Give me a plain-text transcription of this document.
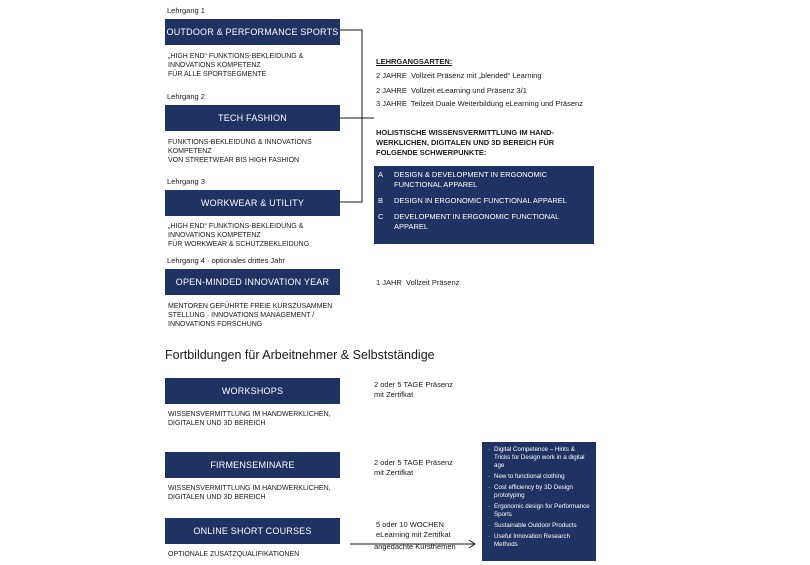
Lehrgang 1
OUTDOOR & PERFORMANCE SPORTS
„HIGH END“ FUNKTIONS-BEKLEIDUNG &
INNOVATIONS KOMPETENZ
FÜR ALLE SPORTSEGMENTE
Lehrgang 2
TECH FASHION
FUNKTIONS-BEKLEIDUNG & INNOVATIONS
KOMPETENZ
VON STREETWEAR BIS HIGH FASHION
Lehrgang 3
WORKWEAR & UTILITY
„HIGH END“ FUNKTIONS-BEKLEIDUNG &
INNOVATIONS KOMPETENZ
FÜR WORKWEAR & SCHUTZBEKLEIDUNG
Lehrgang 4 · optionales drittes Jahr
OPEN-MINDED INNOVATION YEAR
MENTOREN GEFÜHRTE FREIE KURSZUSAMMEN
STELLUNG · INNOVATIONS MANAGEMENT /
INNOVATIONS FORSCHUNG
LEHRGANGSARTEN:
2 JAHRE Vollzeit Präsenz mit „blended“ Learning
2 JAHRE Vollzeit eLearning und Präsenz 3/1
3 JAHRE Teilzeit Duale Weiterbildung eLearning und Präsenz
HOLISTISCHE WISSENSVERMITTLUNG IM HAND-
WERKLICHEN, DIGITALEN UND 3D BEREICH FÜR
FOLGENDE SCHWERPUNKTE:
A	DESIGN & DEVELOPMENT IN ERGONOMIC FUNCTIONAL APPAREL
B	DESIGN IN ERGONOMIC FUNCTIONAL APPAREL
C	DEVELOPMENT IN ERGONOMIC FUNCTIONAL APPAREL
1 JAHR Vollzeit Präsenz
Fortbildungen für Arbeitnehmer & Selbstständige
WORKSHOPS
WISSENSVERMITTLUNG IM HANDWERKLICHEN,
DIGITALEN UND 3D BEREICH
2 oder 5 TAGE Präsenz
mit Zertifkat
FIRMENSEMINARE
WISSENSVERMITTLUNG IM HANDWERKLICHEN,
DIGITALEN UND 3D BEREICH
2 oder 5 TAGE Präsenz
mit Zertifkat
ONLINE SHORT COURSES
OPTIONALE ZUSATZQUALIFIKATIONEN
5 oder 10 WOCHEN
eLearning mit Zertifkat
angedachte Kursthemen
· Digital Competence – Hints & Tricks for Design work in a digital age
· New to functional clothing
· Cost efficiency by 3D Design prototyping
· Ergonomic design for Performance Sports
· Sustainable Outdoor Products
· Useful Innovation Research Methods
